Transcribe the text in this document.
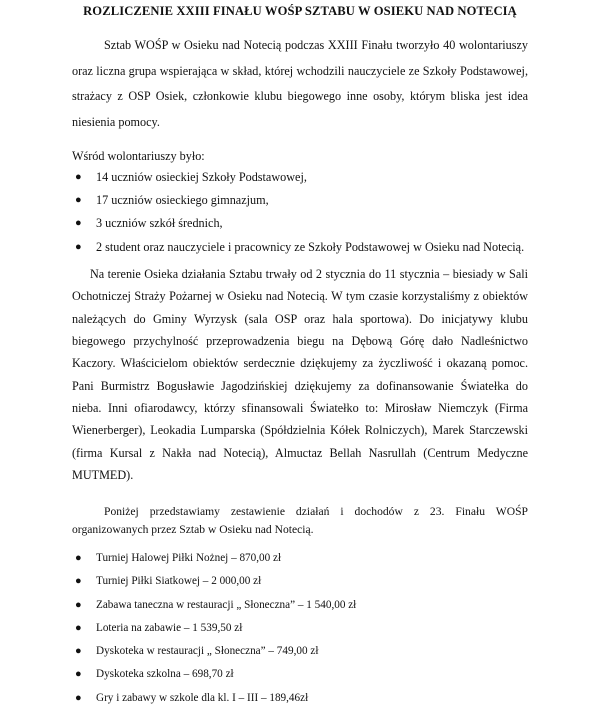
ROZLICZENIE XXIII FINAŁU WOŚP SZTABU W OSIEKU NAD NOTECIĄ

Sztab WOŚP w Osieku nad Notecią podczas XXIII Finału tworzyło 40 wolontariuszy oraz liczna grupa wspierająca w skład, której wchodzili nauczyciele ze Szkoły Podstawowej, strażacy z OSP Osiek, członkowie klubu biegowego inne osoby, którym bliska jest idea niesienia pomocy.

Wśród wolontariuszy było:
● 14 uczniów osieckiej Szkoły Podstawowej,
● 17 uczniów osieckiego gimnazjum,
● 3 uczniów szkół średnich,
● 2 student oraz nauczyciele i pracownicy ze Szkoły Podstawowej w Osieku nad Notecią.

Na terenie Osieka działania Sztabu trwały od 2 stycznia do 11 stycznia – biesiady w Sali Ochotniczej Straży Pożarnej w Osieku nad Notecią. W tym czasie korzystaliśmy z obiektów należących do Gminy Wyrzysk (sala OSP oraz hala sportowa). Do inicjatywy klubu biegowego przychylność przeprowadzenia biegu na Dębową Górę dało Nadleśnictwo Kaczory. Właścicielom obiektów serdecznie dziękujemy za życzliwość i okazaną pomoc. Pani Burmistrz Bogusławie Jagodzińskiej dziękujemy za dofinansowanie Światełka do nieba. Inni ofiarodawcy, którzy sfinansowali Światełko to: Mirosław Niemczyk (Firma Wienerberger), Leokadia Lumparska (Spółdzielnia Kółek Rolniczych), Marek Starczewski (firma Kursal z Nakła nad Notecią), Almuctaz Bellah Nasrullah (Centrum Medyczne MUTMED).

Poniżej przedstawiamy zestawienie działań i dochodów z 23. Finału WOŚP organizowanych przez Sztab w Osieku nad Notecią.

● Turniej Halowej Piłki Nożnej – 870,00 zł
● Turniej Piłki Siatkowej – 2 000,00 zł
● Zabawa taneczna w restauracji „ Słoneczna” – 1 540,00 zł
● Loteria na zabawie – 1 539,50 zł
● Dyskoteka w restauracji „ Słoneczna” – 749,00 zł
● Dyskoteka szkolna – 698,70 zł
● Gry i zabawy w szkole dla kl. I – III – 189,46zł
